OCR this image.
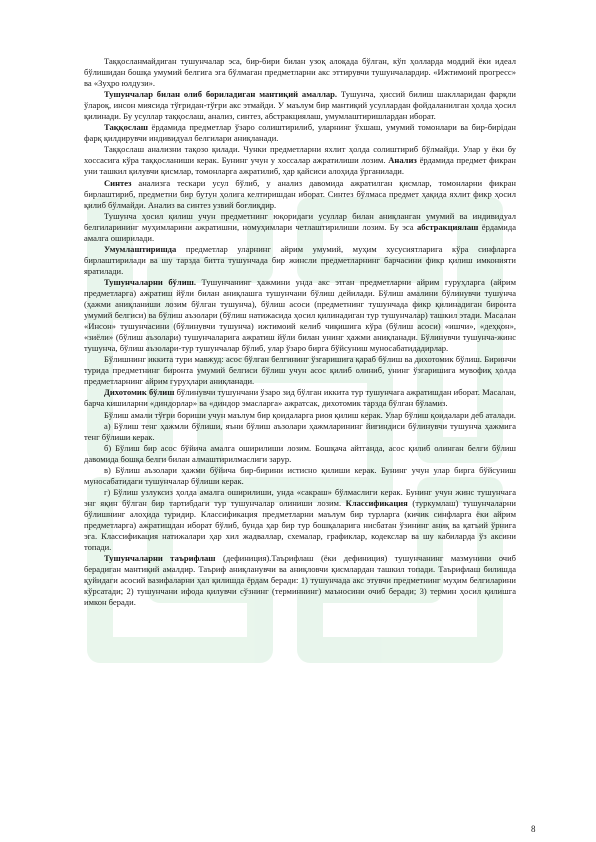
Таққосланмайдиган тушунчалар эса, бир-бири билан узоқ алоқада бўлган, кўп ҳолларда моддий ёки идеал бўлишидан бошқа умумий белгига эга бўлмаган предметларни акс эттирувчи тушунчалардир. «Ижтимоий прогресс» ва «Зуҳро юлдузи».

Тушунчалар билан олиб бориладиган мантиқий амаллар. Тушунча, ҳиссий билиш шаклларидан фарқли ўлароқ, инсон миясида тўғридан-тўғри акс этмайди. У маълум бир мантиқий усуллардан фойдаланилган ҳолда ҳосил қилинади. Бу усуллар таққослаш, анализ, синтез, абстракциялаш, умумлаштиришлардан иборат.

Таққослаш ёрдамида предметлар ўзаро солиштирилиб, уларнинг ўхшаш, умумий томонлари ва бир-бирідан фарқ қилдирувчи индивидуал белгилари аниқланади.

Таққослаш анализни тақозо қилади. Чунки предметларни яхлит ҳолда солиштириб бўлмайди. Улар у ёки бу хоссасига кўра таққосланиши керак. Бунинг учун у хоссалар ажратилиши лозим. Анализ ёрдамида предмет фикран уни ташкил қилувчи қисмлар, томонларга ажратилиб, ҳар қайсиси алоҳида ўрганилади.

Синтез анализга тескари усул бўлиб, у анализ давомида ажратилган қисмлар, томонларни фикран бирлаштириб, предметни бир бутун ҳолига келтиришдан иборат. Синтез бўлмаса предмет ҳақида яхлит фикр ҳосил қилиб бўлмайди. Анализ ва синтез узвий боғлиқдир.

Тушунча ҳосил қилиш учун предметнинг юқоридаги усуллар билан аниқланган умумий ва индивидуал белгиларининг муҳимларини ажратишни, номуҳимлари четлаштирилиши лозим. Бу эса абстракциялаш ёрдамида амалга оширилади.

Умумлаштиришда предметлар уларнинг айрим умумий, муҳим хусусиятларига кўра синфларга бирлаштирилади ва шу тарзда битта тушунчада бир жинсли предметларнинг барчасини фикр қилиш имконияти яратилади.

Тушунчаларни бўлиш. Тушунчанинг ҳажмини унда акс этган предметларни айрим гуруҳларга (айрим предметларга) ажратиш йўли билан аниқлашга тушунчани бўлиш дейилади. Бўлиш амалини бўлинувчи тушунча (ҳажми аниқланиши лозим бўлган тушунча), бўлиш асоси (предметнинг тушунчада фикр қилинадиган биронта умумий белгиси) ва бўлиш аъзолари (бўлиш натижасида ҳосил қилинадиган тур тушунчалар) ташкил этади. Масалан «Инсон» тушунчасини (бўлинувчи тушунча) ижтимоий келиб чиқишига кўра (бўлиш асоси) «ишчи», «деҳқон», «зиёли» (бўлиш аъзолари) тушунчаларига ажратиш йўли билан унинг ҳажми аниқланади. Бўлинувчи тушунча-жинс тушунча, бўлиш аъзолари-тур тушунчалар бўлиб, улар ўзаро бирга бўйсуниш муносабатидадирлар.

Бўлишнинг иккита тури мавжуд: асос бўлган белгининг ўзгаришига қараб бўлиш ва дихотомик бўлиш. Биринчи турида предметнинг биронта умумий белгиси бўлиш учун асос қилиб олиниб, унинг ўзгаришига мувофиқ ҳолда предметларнинг айрим гуруҳлари аниқланади.

Дихотомик бўлиш бўлинувчи тушунчани ўзаро зид бўлган иккита тур тушунчага ажратишдан иборат. Масалан, барча кишиларни «диндорлар» ва «диндор эмасларга» ажратсак, дихотомик тарзда бўлган бўламиз.

Бўлиш амали тўғри бориши учун маълум бир қоидаларга риоя қилиш керак. Улар бўлиш қоидалари деб аталади.

а) Бўлиш тенг ҳажмли бўлиши, яъни бўлиш аъзолари ҳажмларининг йиғиндиси бўлинувчи тушунча ҳажмига тенг бўлиши керак.

б) Бўлиш бир асос бўйича амалга оширилиши лозим. Бошқача айтганда, асос қилиб олинган белги бўлиш давомида бошқа белги билан алмаштирилмаслиги зарур.

в) Бўлиш аъзолари ҳажми бўйича бир-бирини истисно қилиши керак. Бунинг учун улар бирга бўйсуниш муносабатидаги тушунчалар бўлиши керак.

г) Бўлиш узлуксиз ҳолда амалга оширилиши, унда «сакраш» бўлмаслиги керак. Бунинг учун жинс тушунчага энг яқин бўлган бир тартибдаги тур тушунчалар олиниши лозим. Классификация (туркумлаш) тушунчаларни бўлишнинг алоҳида туридир. Классификация предметларни маълум бир турларга (кичик синфларга ёки айрим предметларга) ажратишдан иборат бўлиб, бунда ҳар бир тур бошқаларига нисбатан ўзининг аниқ ва қатъий ўрнига эга. Классификация натижалари ҳар хил жадваллар, схемалар, графиклар, кодекслар ва шу кабиларда ўз аксини топади.

Тушунчаларни таърифлаш (дефиниция).Таърифлаш (ёки дефиниция) тушунчанинг мазмунини очиб берадиган мантиқий амалдир. Таъриф аниқланувчи ва аниқловчи қисмлардан ташкил топади. Таърифлаш билишда қуйидаги асосий вазифаларни ҳал қилишда ёрдам беради: 1) тушунчада акс этувчи предметнинг муҳим белгиларини кўрсатади; 2) тушунчани ифода қилувчи сўзнинг (терминнинг) маъносини очиб беради; 3) термин ҳосил қилишга имкон беради.

8
